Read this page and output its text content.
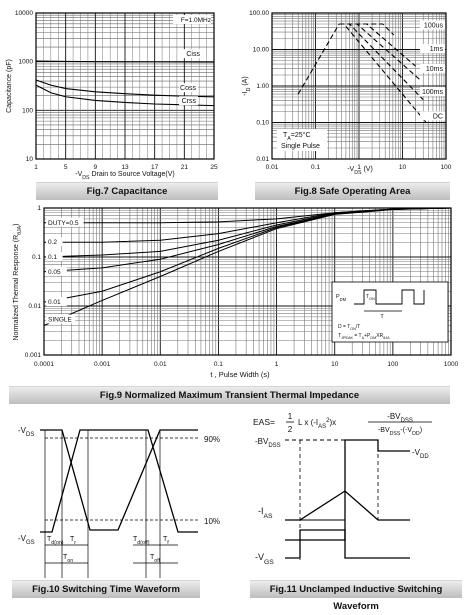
1	5	9	13	17	21	25
10
100
1000
10000
$-V_{DS}$ Drain to Source Voltage(V)
Capacitance (pF)
Ciss
Coss
Crss
F=1.0MHz
0.01	0.1	1	10	100
0.01
0.10
1.00
10.00
100.00
$-V_{DS}$ (V)
$-I_D$ (A)
100us
1ms
10ms
100ms
DC
$T_A=25^\circ C$
Single Pulse
0.0001	0.001	0.01	0.1	1	10	100	1000
0.001
0.01
0.1
1
t , Pulse Width (s)
Normalized Thermal Response $(R_{\theta JA})$	DUTY=0.5
0.2
0.1
0.05
0.01
SINGLE
$P_{DM}$	$T_{ON}$
T
$D = T_{ON}/T$
$T_{JPEAK} = T_A+P_{DM}XR_{\theta JA}$
$-V_{DS}$
$-V_{GS}$
90%
10%
$T_{d(on)}$ $T_r$	$T_{d(off)}$ $T_f$
$T_{on}$	$T_{off}$
EAS=
1
2
L x $(-I_{AS}^2)x$
$-BV_{DSS}$
$-BV_{DSS}-(-V_{DD})$
$-BV_{DSS}$
$-V_{DD}$
$-I_{AS}$
$-V_{GS}$
Fig.7 Capacitance	Fig.8 Safe Operating Area
Fig.9 Normalized Maximum Transient Thermal Impedance
Fig.10 Switching Time Waveform	Fig.11 Unclamped Inductive Switching Waveform
